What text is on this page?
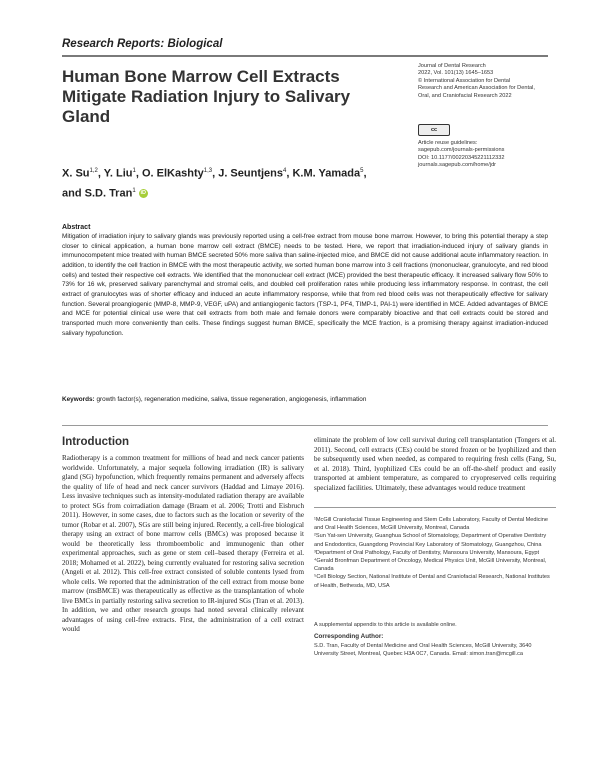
Research Reports: Biological
Human Bone Marrow Cell Extracts Mitigate Radiation Injury to Salivary Gland
Journal of Dental Research
2022, Vol. 101(13) 1645–1653
© International Association for Dental
Research and American Association for Dental,
Oral, and Craniofacial Research 2022
cc
Article reuse guidelines:
sagepub.com/journals-permissions
DOI: 10.1177/00220345221112332
journals.sagepub.com/home/jdr
X. Su$^{1,2}$, Y. Liu$^1$, O. ElKashty$^{1,3}$, J. Seuntjens$^4$, K.M. Yamada$^5$,
and S.D. Tran$^1$ iD
Abstract
Mitigation of irradiation injury to salivary glands was previously reported using a cell-free extract from mouse bone marrow. However, to bring this potential therapy a step closer to clinical application, a human bone marrow cell extract (BMCE) needs to be tested. Here, we report that irradiation-induced injury of salivary glands in immunocompetent mice treated with human BMCE secreted 50% more saliva than saline-injected mice, and BMCE did not cause additional acute inflammatory reaction. In addition, to identify the cell fraction in BMCE with the most therapeutic activity, we sorted human bone marrow into 3 cell fractions (mononuclear, granulocyte, and red blood cells) and tested their respective cell extracts. We identified that the mononuclear cell extract (MCE) provided the best therapeutic efficacy. It increased salivary flow 50% to 73% for 16 wk, preserved salivary parenchymal and stromal cells, and doubled cell proliferation rates while producing less inflammatory response. In contrast, the cell extract of granulocytes was of shorter efficacy and induced an acute inflammatory response, while that from red blood cells was not therapeutically effective for salivary function. Several proangiogenic (MMP-8, MMP-9, VEGF, uPA) and antiangiogenic factors (TSP-1, PF4, TIMP-1, PAI-1) were identified in MCE. Added advantages of BMCE and MCE for potential clinical use were that cell extracts from both male and female donors were comparably bioactive and that cell extracts could be stored and transported much more conveniently than cells. These findings suggest human BMCE, specifically the MCE fraction, is a promising therapy against irradiation-induced salivary hypofunction.
Keywords: growth factor(s), regeneration medicine, saliva, tissue regeneration, angiogenesis, inflammation
Introduction
Radiotherapy is a common treatment for millions of head and neck cancer patients worldwide. Unfortunately, a major sequela following irradiation (IR) is salivary gland (SG) hypofunction, which frequently remains permanent and adversely affects the quality of life of head and neck cancer survivors (Haddad and Limaye 2016). Less invasive techniques such as intensity-modulated radiation therapy are available to protect SGs from coirradiation damage (Braam et al. 2006; Trotti and Eisbruch 2011). However, in some cases, due to factors such as the location or severity of the tumor (Robar et al. 2007), SGs are still being injured. Recently, a cell-free biological therapy using an extract of bone marrow cells (BMCs) was proposed because it would be theoretically less thromboembolic and immunogenic than other experimental approaches, such as gene or stem cell–based therapy (Ferreira et al. 2018; Mohamed et al. 2022), being currently evaluated for restoring saliva secretion (Angeli et al. 2012). This cell-free extract consisted of soluble contents lysed from whole cells. We reported that the administration of the cell extract from mouse bone marrow (msBMCE) was therapeutically as effective as the transplantation of whole live BMCs in partially restoring saliva secretion to IR-injured SGs (Tran et al. 2013). In addition, we and other research groups had noted several clinically relevant advantages of using cell-free extracts. First, the administration of a cell extract would
eliminate the problem of low cell survival during cell transplantation (Tongers et al. 2011). Second, cell extracts (CEs) could be stored frozen or be lyophilized and then be subsequently used when needed, as compared to requiring fresh cells (Fang, Su, et al. 2018). Third, lyophilized CEs could be an off-the-shelf product and easily transported at ambient temperature, as compared to cryopreserved cells requiring specialized facilities. Ultimately, these advantages would reduce treatment

¹McGill Craniofacial Tissue Engineering and Stem Cells Laboratory, Faculty of Dental Medicine and Oral Health Sciences, McGill University, Montreal, Canada

²Sun Yat-sen University, Guanghua School of Stomatology, Department of Operative Dentistry and Endodontics, Guangdong Provincial Key Laboratory of Stomatology, Guangzhou, China

³Department of Oral Pathology, Faculty of Dentistry, Mansoura University, Mansoura, Egypt

⁴Gerald Bronfman Department of Oncology, Medical Physics Unit, McGill University, Montreal, Canada

⁵Cell Biology Section, National Institute of Dental and Craniofacial Research, National Institutes of Health, Bethesda, MD, USA

A supplemental appendix to this article is available online.
Corresponding Author:
S.D. Tran, Faculty of Dental Medicine and Oral Health Sciences, McGill University, 3640 University Street, Montreal, Quebec H3A 0C7, Canada. Email: simon.tran@mcgill.ca
